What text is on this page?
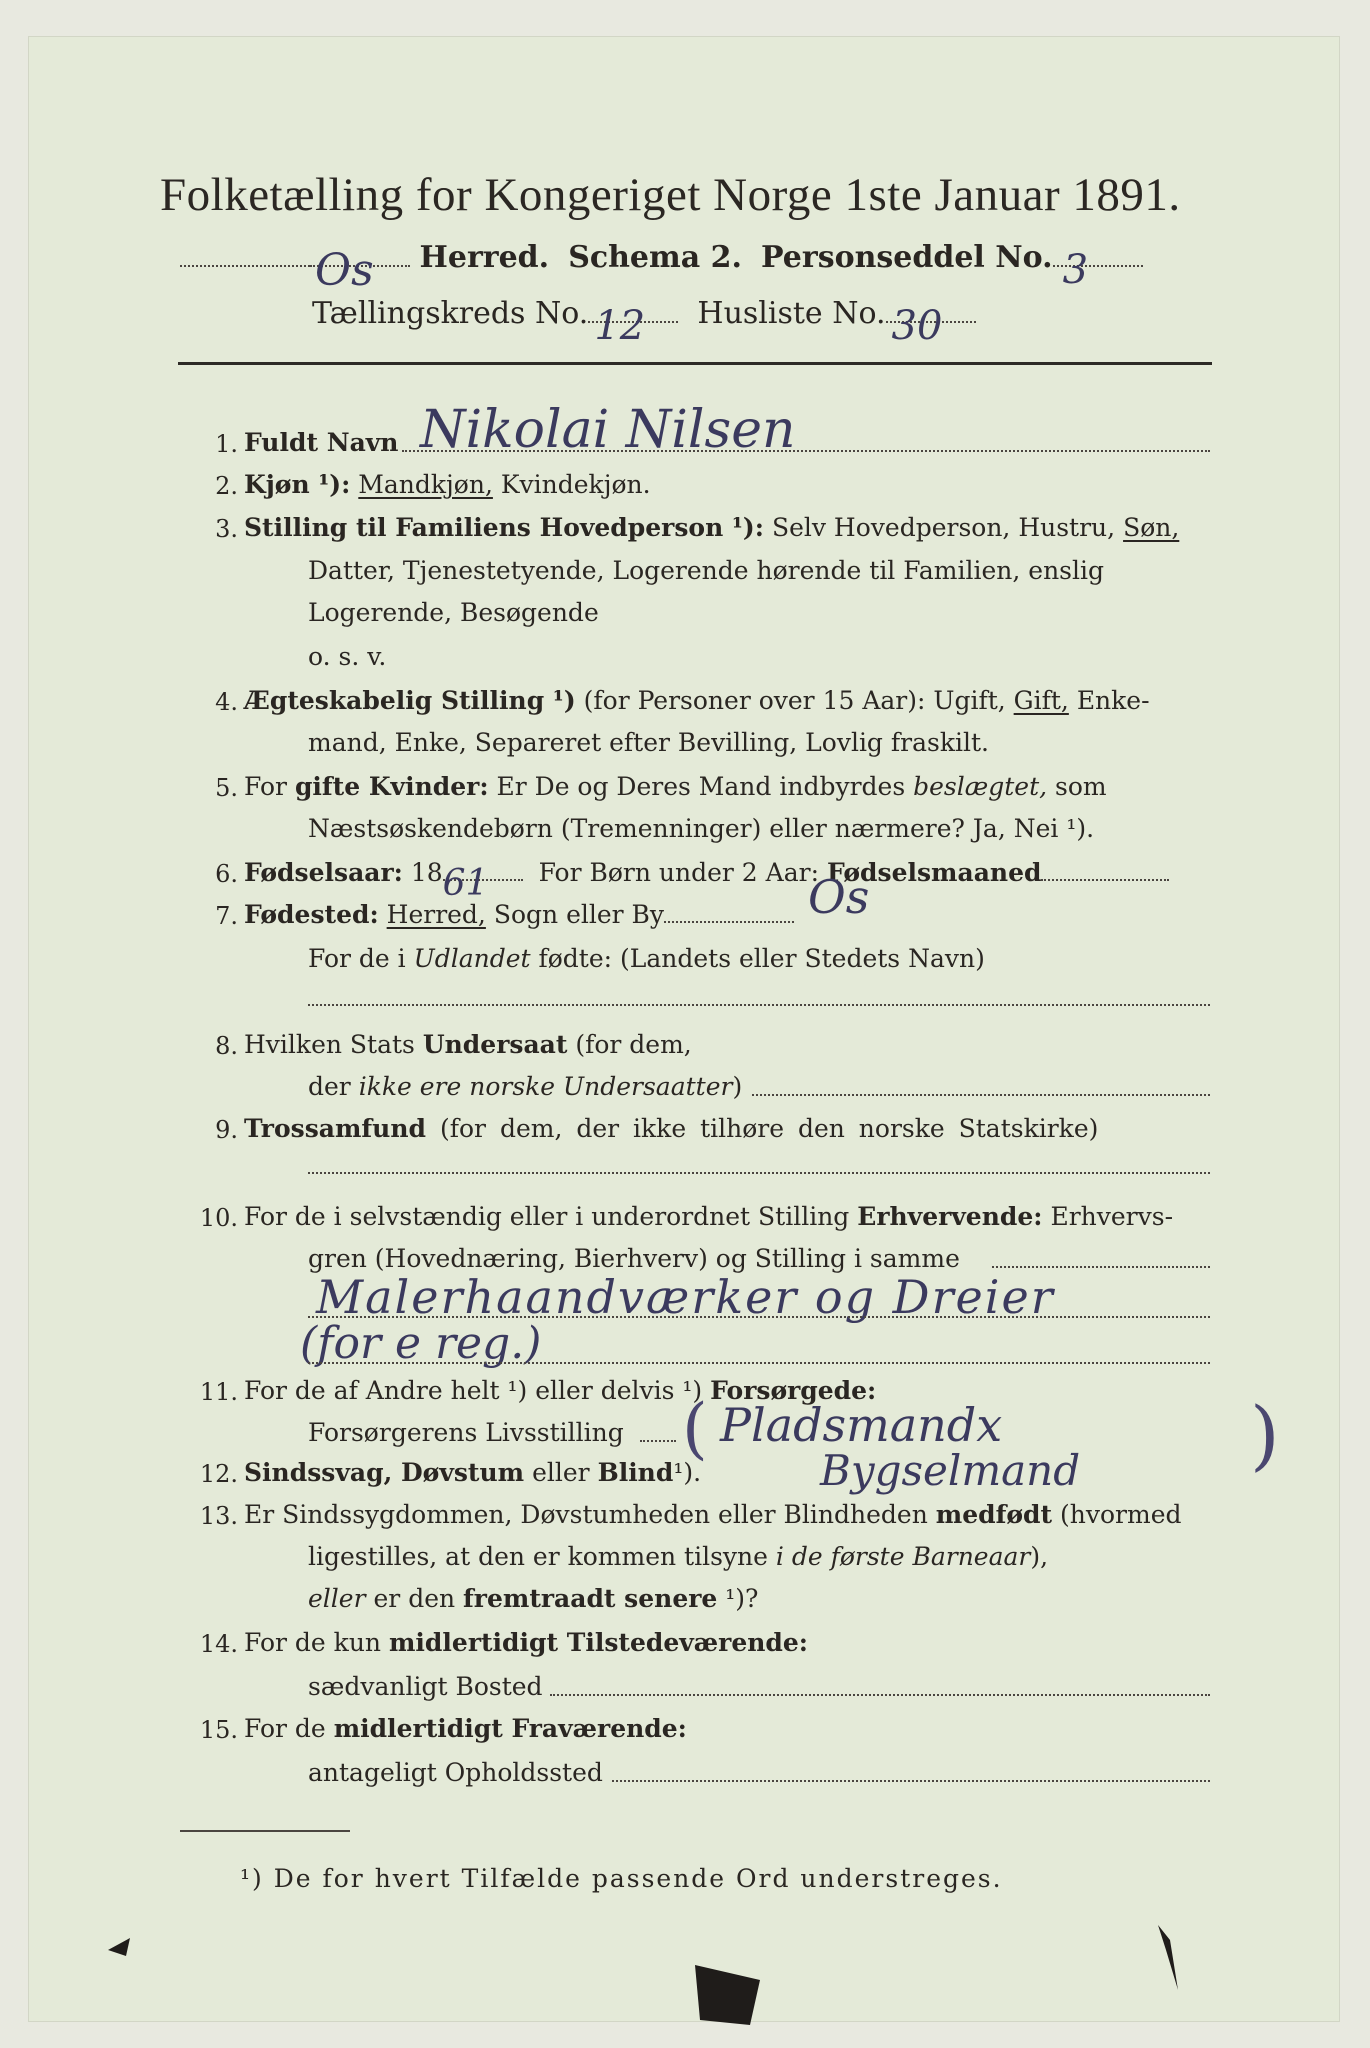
Folketælling for Kongeriget Norge 1ste Januar 1891.
Os Herred. Schema 2. Personseddel No. 3
Tællingskreds No. 12 Husliste No. 30
1. Fuldt Navn Nikolai Nilsen
2. Kjøn ¹): Mandkjøn, Kvindekjøn.
3. Stilling til Familiens Hovedperson ¹): Selv Hovedperson, Hustru, Søn,
Datter, Tjenestetyende, Logerende hørende til Familien, enslig
Logerende, Besøgende
o. s. v.
4. Ægteskabelig Stilling ¹) (for Personer over 15 Aar): Ugift, Gift, Enke-
mand, Enke, Separeret efter Bevilling, Lovlig fraskilt.
5. For gifte Kvinder: Er De og Deres Mand indbyrdes beslægtet, som
Næstsøskendebørn (Tremenninger) eller nærmere? Ja, Nei ¹).
6. Fødselsaar: 18 61 For Børn under 2 Aar: Fødselsmaaned
7. Fødested: Herred, Sogn eller By	Os
For de i Udlandet fødte: (Landets eller Stedets Navn)
8. Hvilken Stats Undersaat (for dem,
der ikke ere norske Undersaatter)
9. Trossamfund (for dem, der ikke tilhøre den norske Statskirke)
10. For de i selvstændig eller i underordnet Stilling Erhvervende: Erhvervs-
gren (Hovednæring, Bierhverv) og Stilling i samme
Malerhaandværker og Dreier
(for e reg.)
11. For de af Andre helt ¹) eller delvis ¹) Forsørgede:
Forsørgerens Livsstilling ( Pladsmandx	)
12. Sindssvag, Døvstum eller Blind¹).	Bygselmand
13. Er Sindssygdommen, Døvstumheden eller Blindheden medfødt (hvormed
ligestilles, at den er kommen tilsyne i de første Barneaar),
eller er den fremtraadt senere ¹)?
14. For de kun midlertidigt Tilstedeværende:
sædvanligt Bosted
15. For de midlertidigt Fraværende:
antageligt Opholdssted
¹) De for hvert Tilfælde passende Ord understreges.
